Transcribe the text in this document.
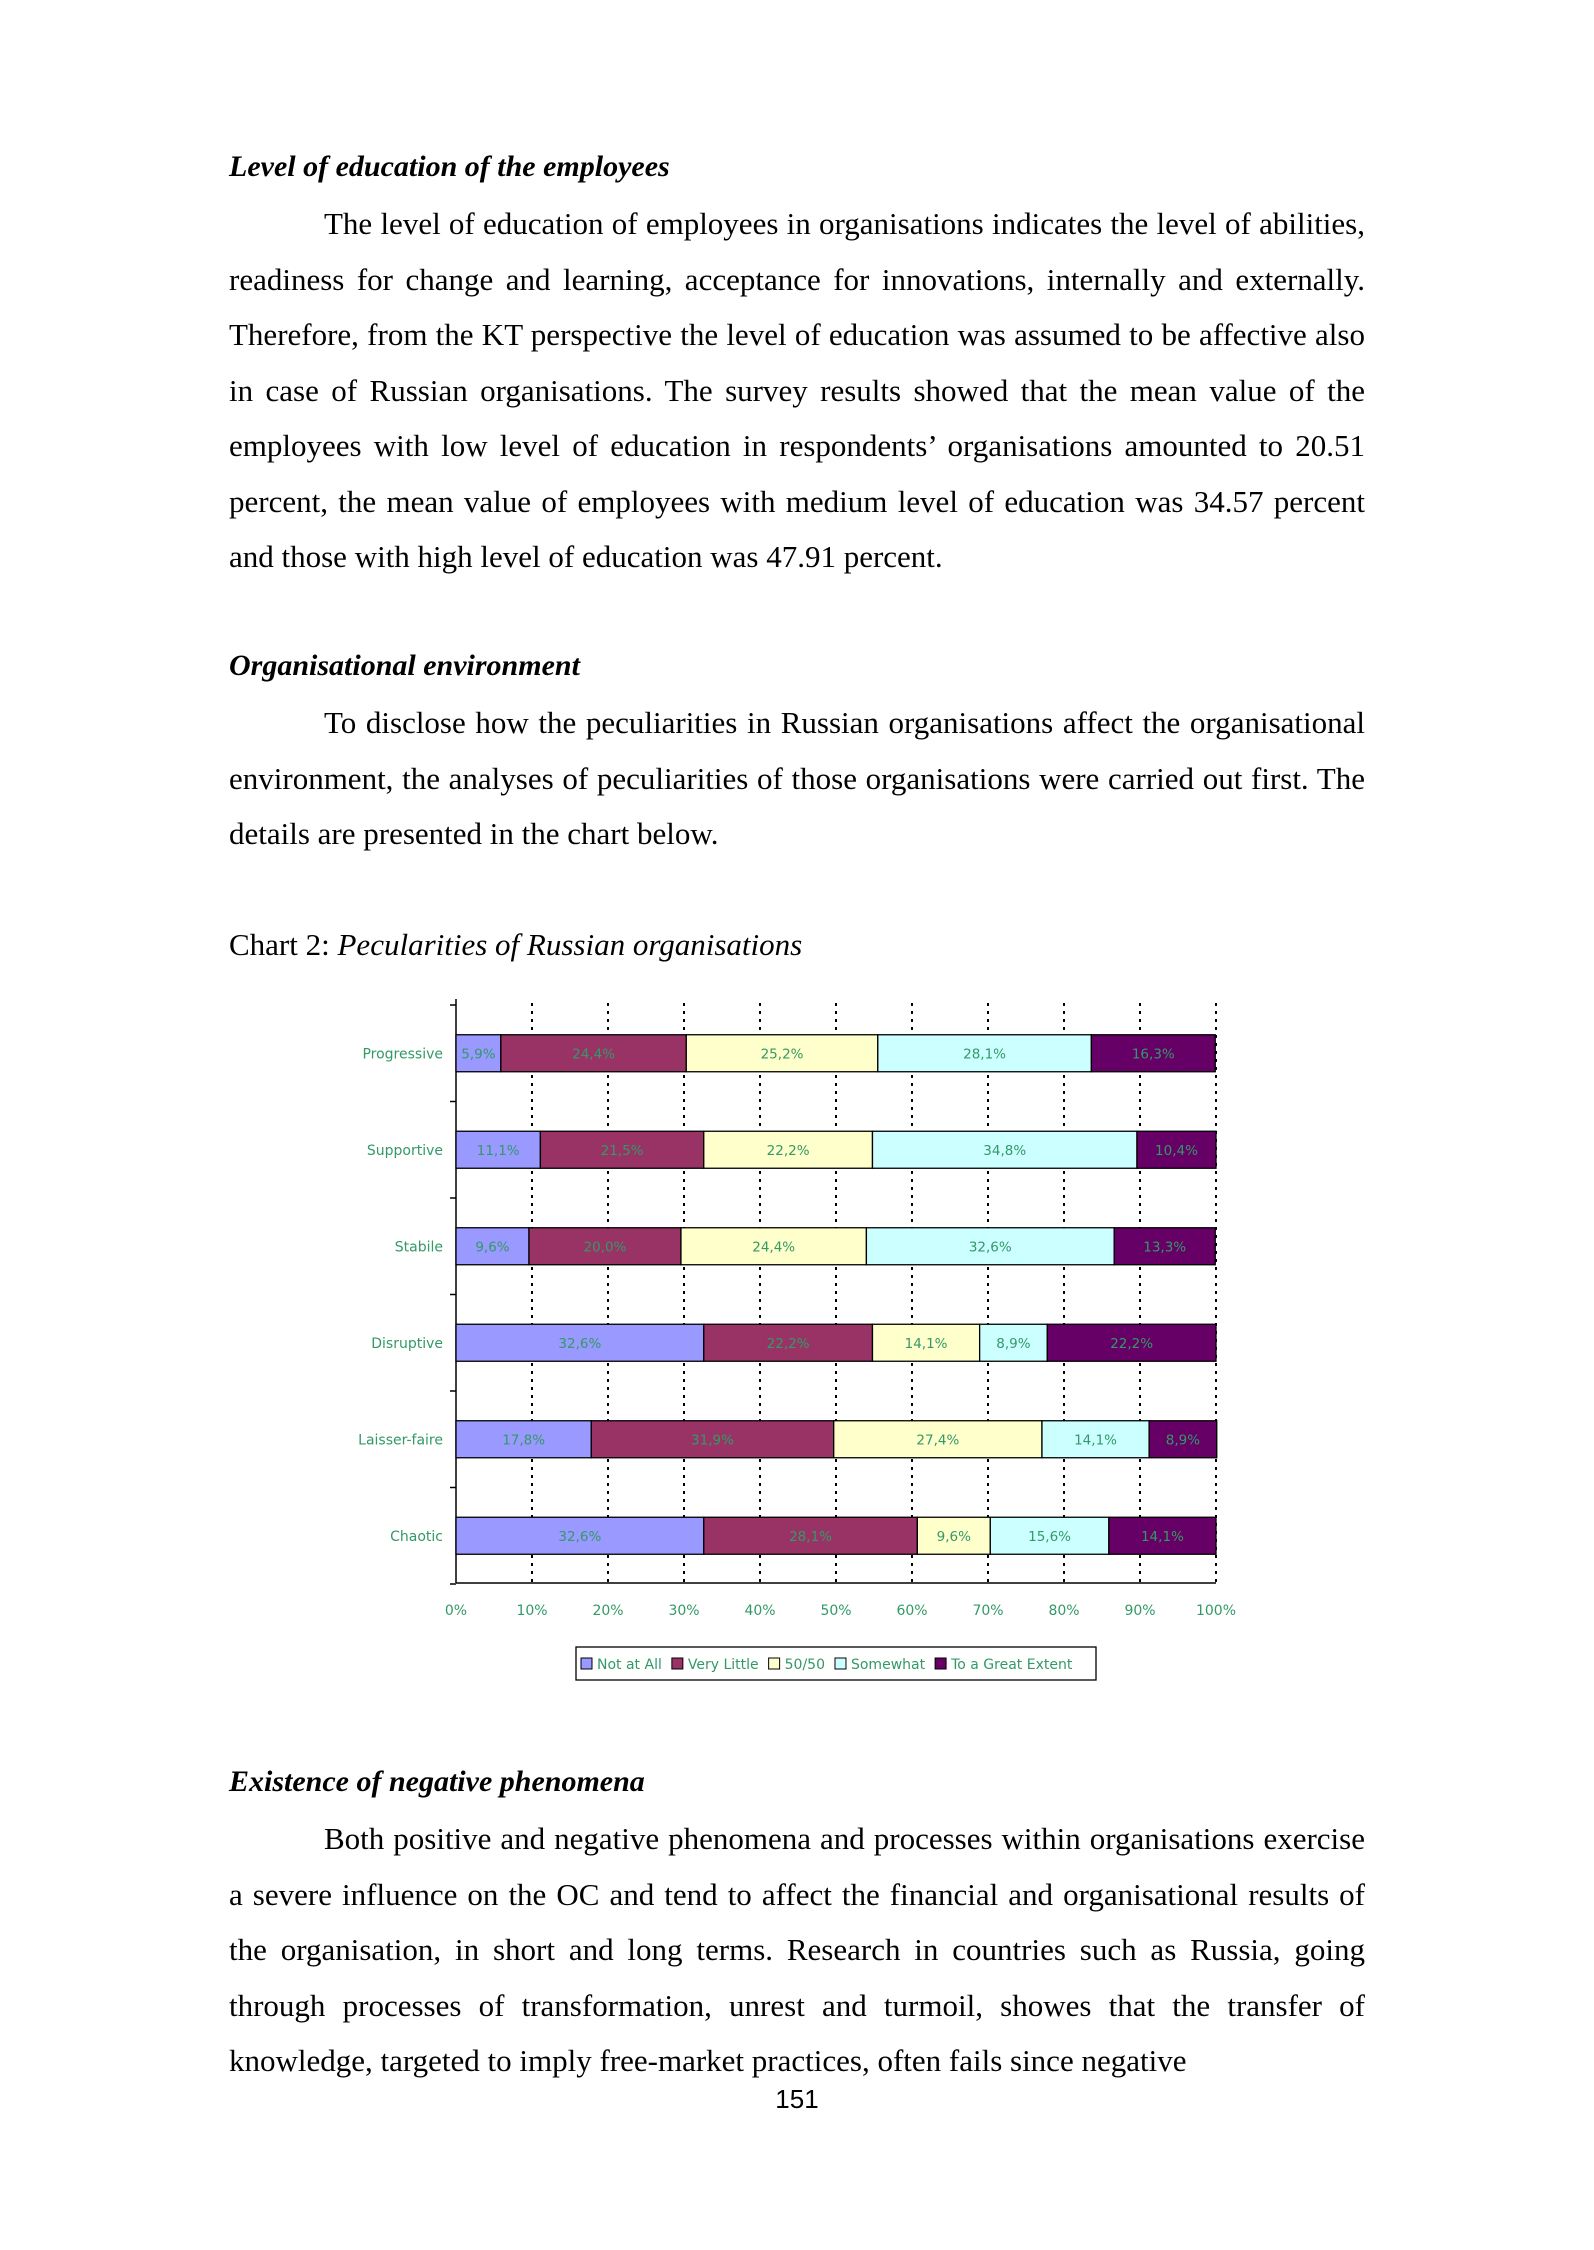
Level of education of the employees

The level of education of employees in organisations indicates the level of abilities, readiness for change and learning, acceptance for innovations, internally and externally. Therefore, from the KT perspective the level of education was assumed to be affective also in case of Russian organisations. The survey results showed that the mean value of the employees with low level of education in respondents’ organisations amounted to 20.51 percent, the mean value of employees with medium level of education was 34.57 percent and those with high level of education was 47.91 percent.

Organisational environment

To disclose how the peculiarities in Russian organisations affect the organisational environment, the analyses of peculiarities of those organisations were carried out first. The details are presented in the chart below.

Chart 2: Pecularities of Russian organisations

Progressive 5,9%	24,4%	25,2%	28,1%	16,3%
Supportive 11,1%	21,5%	22,2%	34,8%	10,4%
Stabile 9,6%	20,0%	24,4%	32,6%	13,3%
Disruptive	32,6%	22,2%	14,1%	8,9%	22,2%
Laisser-faire	17,8%	31,9%	27,4%	14,1%	8,9%
Chaotic	32,6%	28,1%	9,6%	15,6%	14,1%
0%	10%	20%	30%	40%	50%	60%	70%	80%	90%	100%
Not at All Very Little 50/50 Somewhat To a Great Extent
Existence of negative phenomena

Both positive and negative phenomena and processes within organisations exercise a severe influence on the OC and tend to affect the financial and organisational results of the organisation, in short and long terms. Research in countries such as Russia, going through processes of transformation, unrest and turmoil, showes that the transfer of knowledge, targeted to imply free-market practices, often fails since negative

151
